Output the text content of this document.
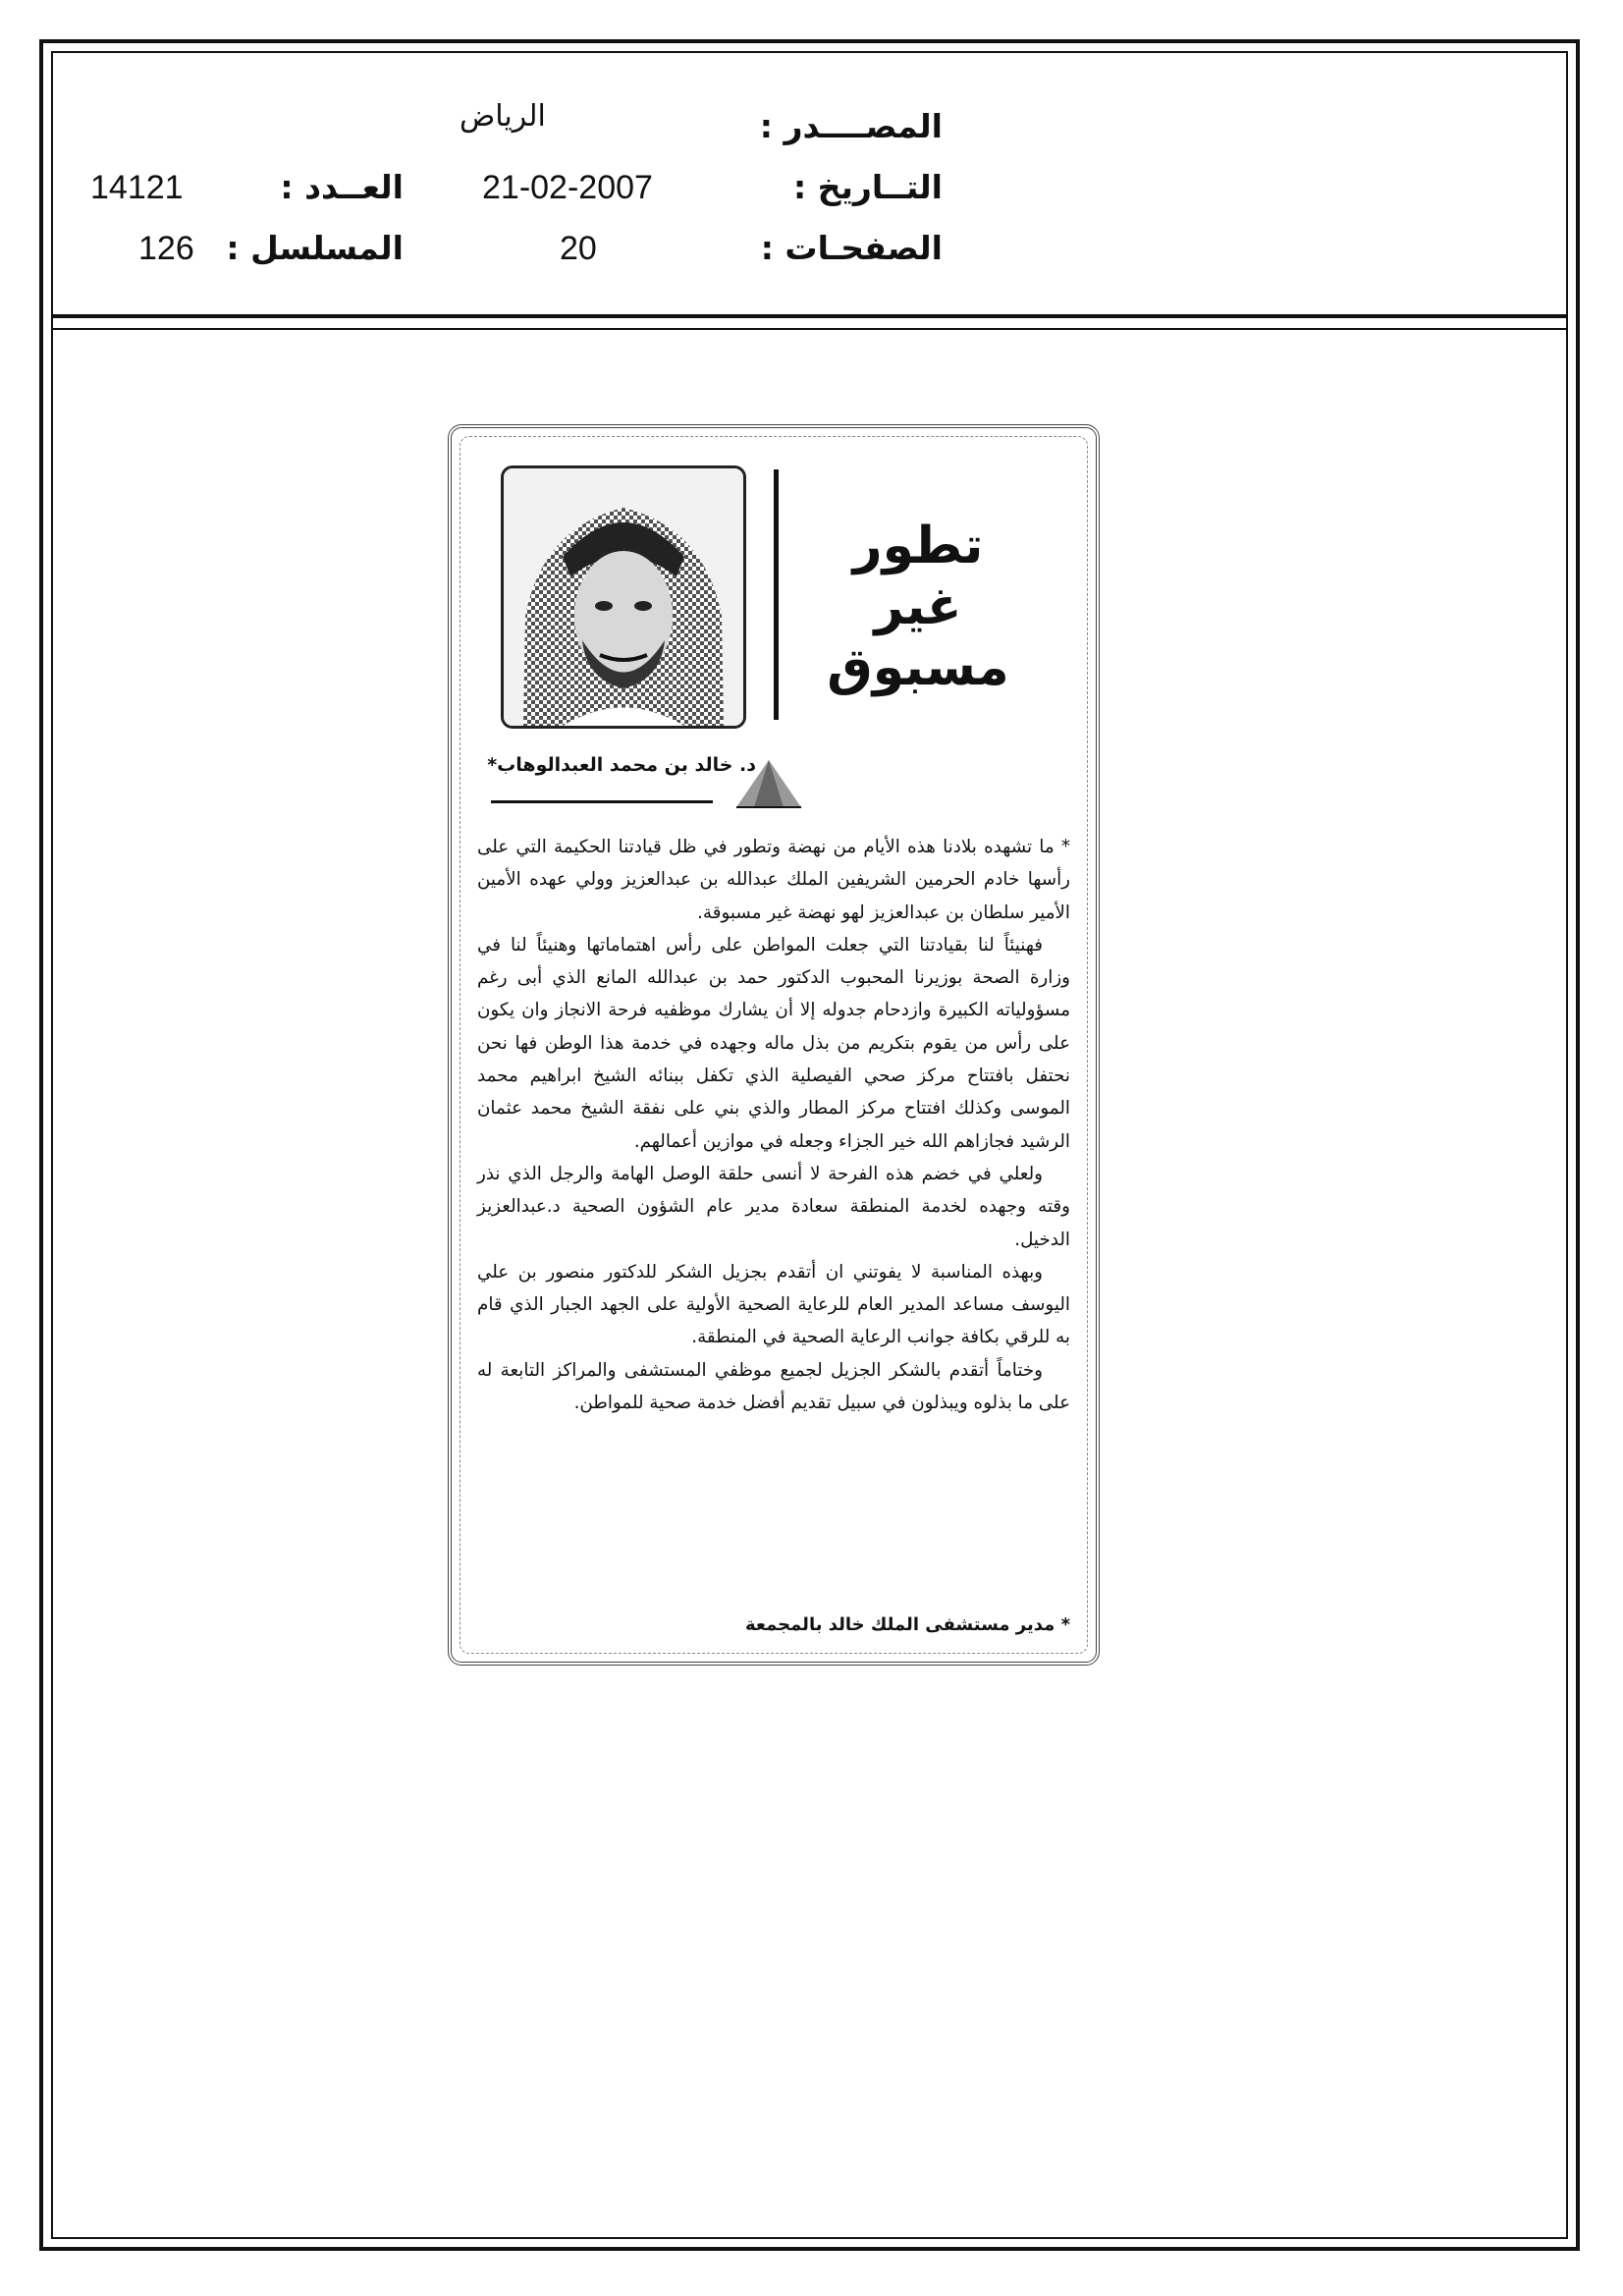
الرياض	المصــــدر :
21-02-2007	التــاريخ :
14121	العــدد :
20	الصفحـات :
126 المسلسل :
تطور
غير
مسبوق
د. خالد بن محمد العبدالوهاب*

* ما تشهده بلادنا هذه الأيام من نهضة وتطور في ظل قيادتنا الحكيمة التي على رأسها خادم الحرمين الشريفين الملك عبدالله بن عبدالعزيز وولي عهده الأمين الأمير سلطان بن عبدالعزيز لهو نهضة غير مسبوقة.

فهنيئاً لنا بقيادتنا التي جعلت المواطن على رأس اهتماماتها وهنيئاً لنا في وزارة الصحة بوزيرنا المحبوب الدكتور حمد بن عبدالله المانع الذي أبى رغم مسؤولياته الكبيرة وازدحام جدوله إلا أن يشارك موظفيه فرحة الانجاز وان يكون على رأس من يقوم بتكريم من بذل ماله وجهده في خدمة هذا الوطن فها نحن نحتفل بافتتاح مركز صحي الفيصلية الذي تكفل ببنائه الشيخ ابراهيم محمد الموسى وكذلك افتتاح مركز المطار والذي بني على نفقة الشيخ محمد عثمان الرشيد فجازاهم الله خير الجزاء وجعله في موازين أعمالهم.

ولعلي في خضم هذه الفرحة لا أنسى حلقة الوصل الهامة والرجل الذي نذر وقته وجهده لخدمة المنطقة سعادة مدير عام الشؤون الصحية د.عبدالعزيز الدخيل.

وبهذه المناسبة لا يفوتني ان أتقدم بجزيل الشكر للدكتور منصور بن علي اليوسف مساعد المدير العام للرعاية الصحية الأولية على الجهد الجبار الذي قام به للرقي بكافة جوانب الرعاية الصحية في المنطقة.

وختاماً أتقدم بالشكر الجزيل لجميع موظفي المستشفى والمراكز التابعة له على ما بذلوه ويبذلون في سبيل تقديم أفضل خدمة صحية للمواطن.

* مدير مستشفى الملك خالد بالمجمعة
